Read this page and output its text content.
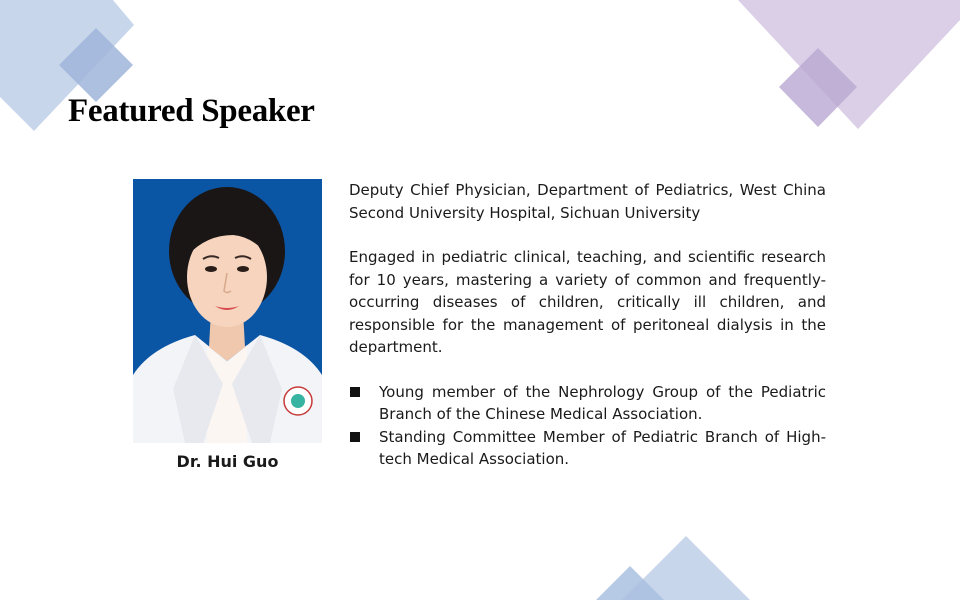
Featured Speaker
Dr. Hui Guo

Deputy Chief Physician, Department of Pediatrics, West China Second University Hospital, Sichuan University

Engaged in pediatric clinical, teaching, and scientific research for 10 years, mastering a variety of common and frequently-occurring diseases of children, critically ill children, and responsible for the management of peritoneal dialysis in the department.

Young member of the Nephrology Group of the Pediatric Branch of the Chinese Medical Association.
Standing Committee Member of Pediatric Branch of High-tech Medical Association.
